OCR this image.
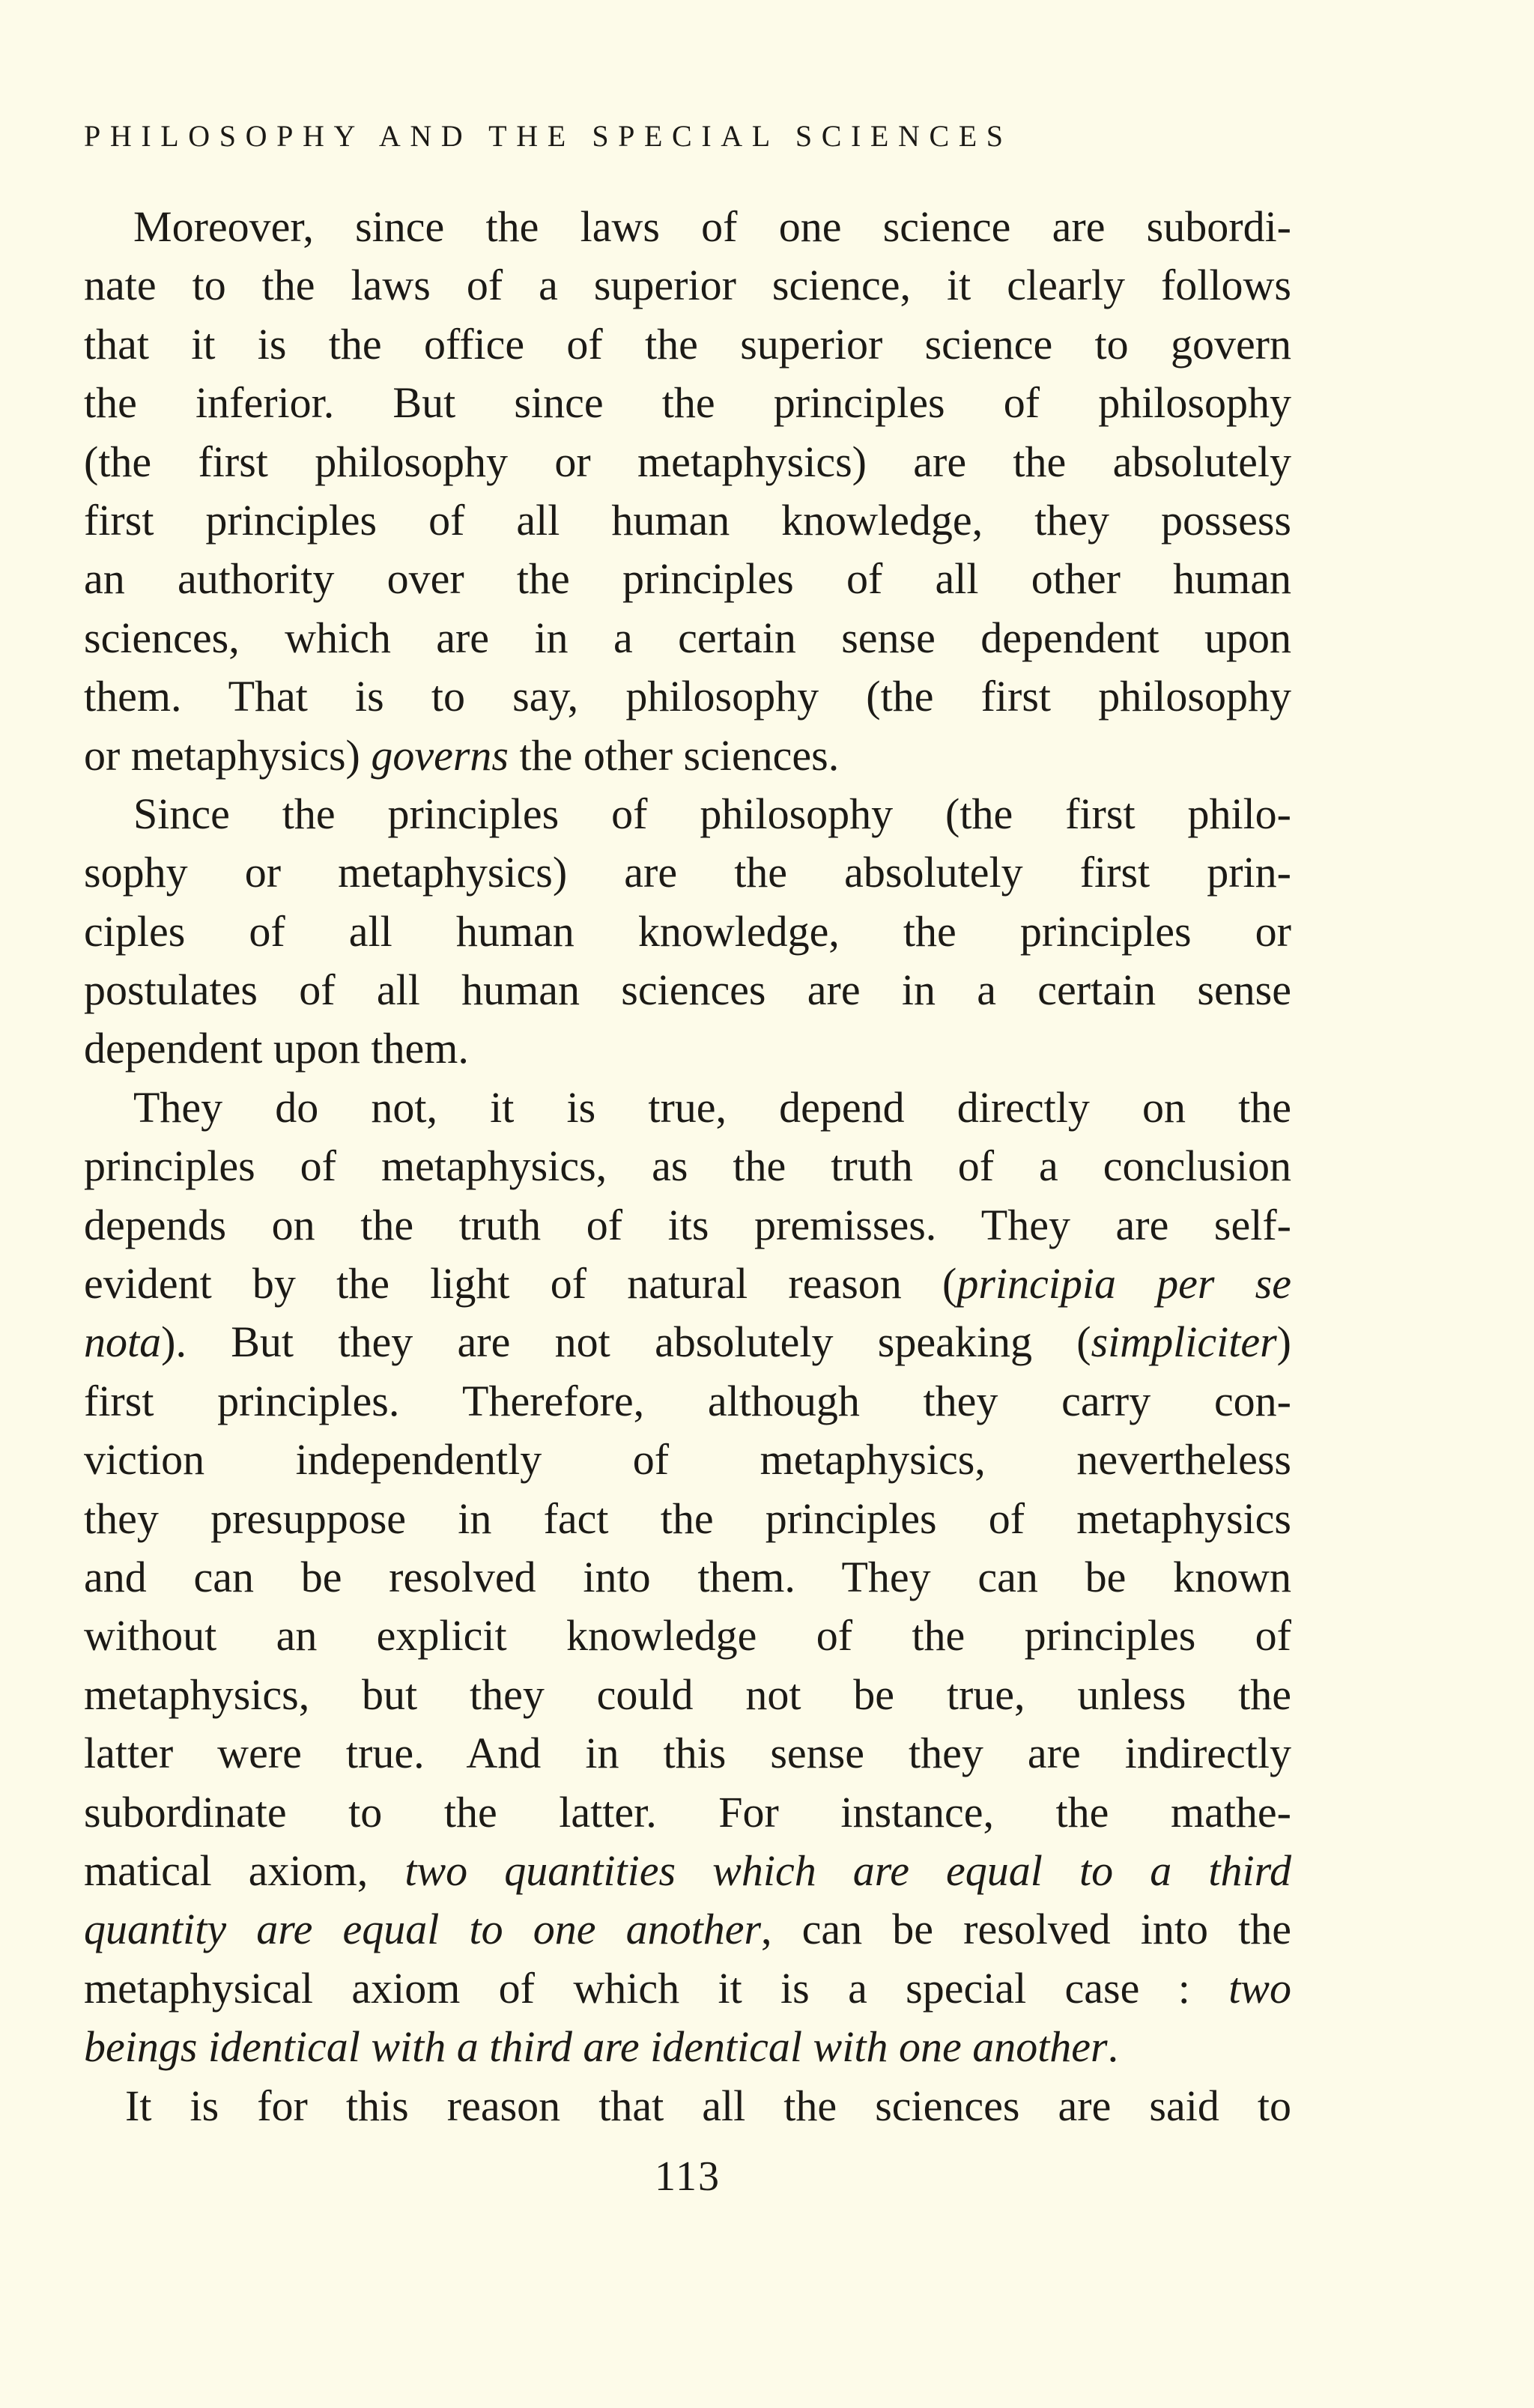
PHILOSOPHY AND THE SPECIAL SCIENCES
Moreover, since the laws of one science are subordi-
nate to the laws of a superior science, it clearly follows
that it is the office of the superior science to govern
the inferior. But since the principles of philosophy
(the first philosophy or metaphysics) are the absolutely
first principles of all human knowledge, they possess
an authority over the principles of all other human
sciences, which are in a certain sense dependent upon
them. That is to say, philosophy (the first philosophy
or metaphysics) governs the other sciences.
Since the principles of philosophy (the first philo-
sophy or metaphysics) are the absolutely first prin-
ciples of all human knowledge, the principles or
postulates of all human sciences are in a certain sense
dependent upon them.
They do not, it is true, depend directly on the
principles of metaphysics, as the truth of a conclusion
depends on the truth of its premisses. They are self-
evident by the light of natural reason (principia per se
nota). But they are not absolutely speaking (simpliciter)
first principles. Therefore, although they carry con-
viction independently of metaphysics, nevertheless
they presuppose in fact the principles of metaphysics
and can be resolved into them. They can be known
without an explicit knowledge of the principles of
metaphysics, but they could not be true, unless the
latter were true. And in this sense they are indirectly
subordinate to the latter. For instance, the mathe-
matical axiom, two quantities which are equal to a third
quantity are equal to one another, can be resolved into the
metaphysical axiom of which it is a special case : two
beings identical with a third are identical with one another.
It is for this reason that all the sciences are said to
113
